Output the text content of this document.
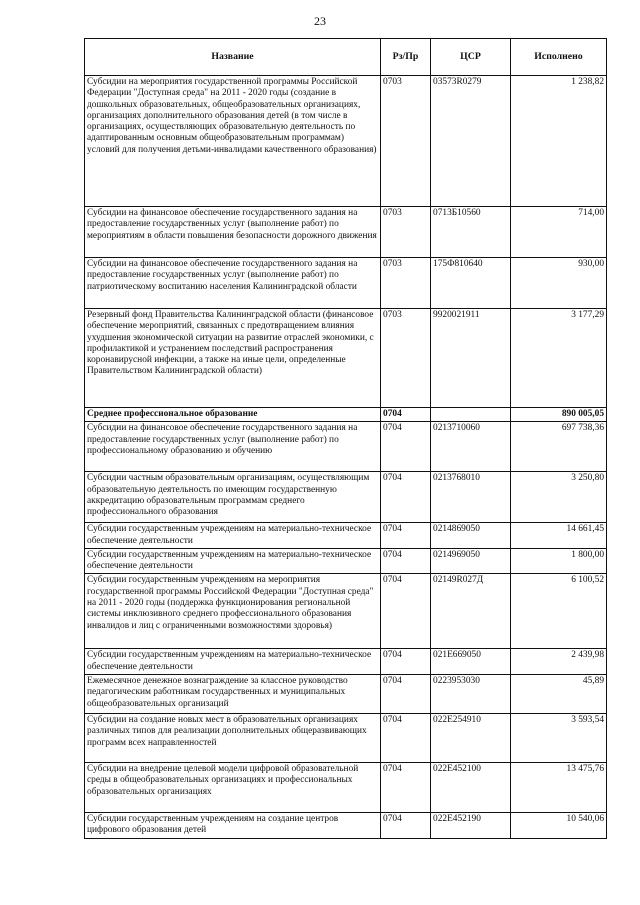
23
Название	Рз/Пр	ЦСР	Исполнено
Субсидии на мероприятия государственной программы Российской Федерации "Доступная среда" на 2011 - 2020 годы (создание в дошкольных образовательных, общеобразовательных организациях, организациях дополнительного образования детей (в том числе в организациях, осуществляющих образовательную деятельность по адаптированным основным общеобразовательным программам) условий для получения детьми-инвалидами качественного образования)	0703	03573R0279	1 238,82
Субсидии на финансовое обеспечение государственного задания на предоставление государственных услуг (выполнение работ) по мероприятиям в области повышения безопасности дорожного движения	0703	0713Б10560	714,00
Субсидии на финансовое обеспечение государственного задания на предоставление государственных услуг (выполнение работ) по патриотическому воспитанию населения Калининградской области	0703	175Ф810640	930,00
Резервный фонд Правительства Калининградской области (финансовое обеспечение мероприятий, связанных с предотвращением влияния ухудшения экономической ситуации на развитие отраслей экономики, с профилактикой и устранением последствий распространения коронавирусной инфекции, а также на иные цели, определенные Правительством Калининградской области)	0703	9920021911	3 177,29
Среднее профессиональное образование	0704		890 005,05
Субсидии на финансовое обеспечение государственного задания на предоставление государственных услуг (выполнение работ) по профессиональному образованию и обучению	0704	0213710060	697 738,36
Субсидии частным образовательным организациям, осуществляющим образовательную деятельность по имеющим государственную аккредитацию образовательным программам среднего профессионального образования	0704	0213768010	3 250,80
Субсидии государственным учреждениям на материально-техническое обеспечение деятельности	0704	0214869050	14 661,45
Субсидии государственным учреждениям на материально-техническое обеспечение деятельности	0704	0214969050	1 800,00
Субсидии государственным учреждениям на мероприятия государственной программы Российской Федерации "Доступная среда" на 2011 - 2020 годы (поддержка функционирования региональной системы инклюзивного среднего профессионального образования инвалидов и лиц с ограниченными возможностями здоровья)	0704	02149R027Д	6 100,52
Субсидии государственным учреждениям на материально-техническое обеспечение деятельности	0704	021Е669050	2 439,98
Ежемесячное денежное вознаграждение за классное руководство педагогическим работникам государственных и муниципальных общеобразовательных организаций	0704	0223953030	45,89
Субсидии на создание новых мест в образовательных организациях различных типов для реализации дополнительных общеразвивающих программ всех направленностей	0704	022Е254910	3 593,54
Субсидии на внедрение целевой модели цифровой образовательной среды в общеобразовательных организациях и профессиональных образовательных организациях	0704	022Е452100	13 475,76
Субсидии государственным учреждениям на создание центров цифрового образования детей	0704	022Е452190	10 540,06
